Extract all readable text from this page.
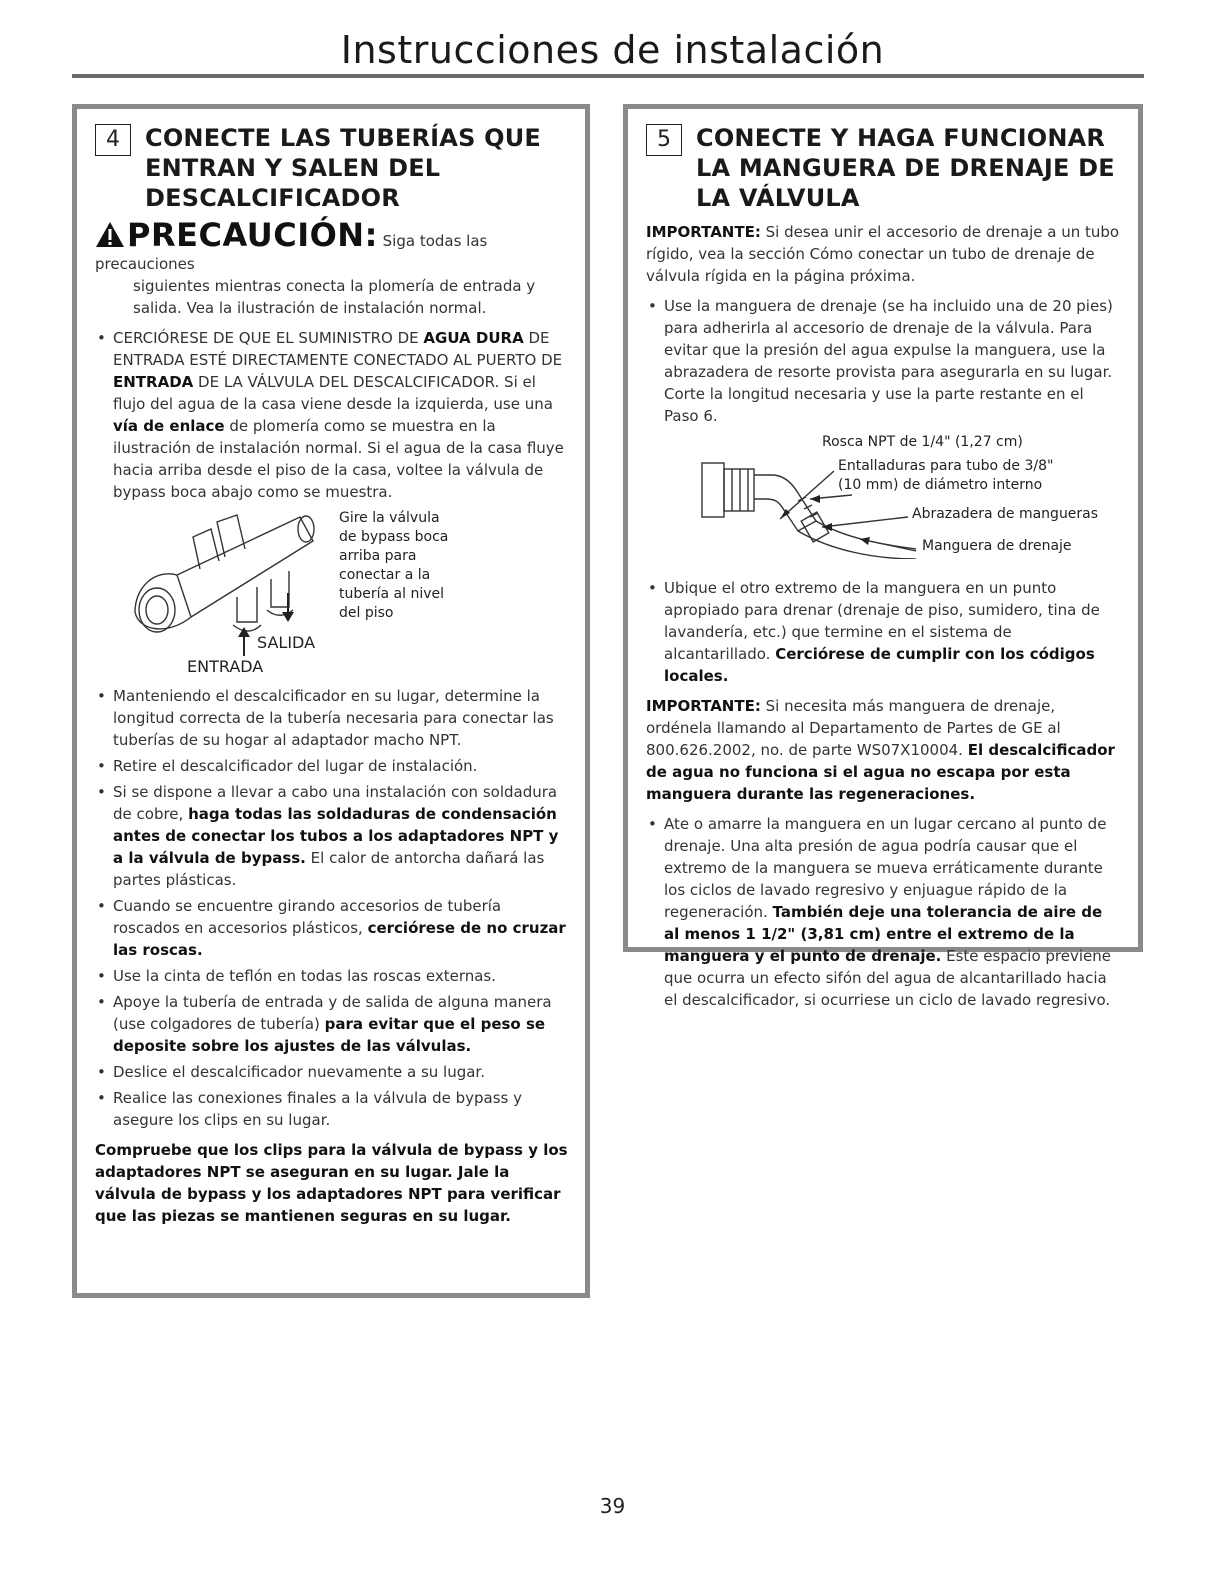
Instrucciones de instalación
4	CONECTE LAS TUBERÍAS QUE ENTRAN Y SALEN DEL DESCALCIFICADOR
PRECAUCIÓN: Siga todas las precauciones

siguientes mientras conecta la plomería de entrada y salida. Vea la ilustración de instalación normal.

• CERCIÓRESE DE QUE EL SUMINISTRO DE AGUA DURA DE ENTRADA ESTÉ DIRECTAMENTE CONECTADO AL PUERTO DE ENTRADA DE LA VÁLVULA DEL DESCALCIFICADOR. Si el flujo del agua de la casa viene desde la izquierda, use una vía de enlace de plomería como se muestra en la ilustración de instalación normal. Si el agua de la casa fluye hacia arriba desde el piso de la casa, voltee la válvula de bypass boca abajo como se muestra.
SALIDA
ENTRADA
Gire la válvula
de bypass boca
arriba para
conectar a la
tubería al nivel
del piso
• Manteniendo el descalcificador en su lugar, determine la longitud correcta de la tubería necesaria para conectar las tuberías de su hogar al adaptador macho NPT.
• Retire el descalcificador del lugar de instalación.
• Si se dispone a llevar a cabo una instalación con soldadura de cobre, haga todas las soldaduras de condensación antes de conectar los tubos a los adaptadores NPT y a la válvula de bypass. El calor de antorcha dañará las partes plásticas.
• Cuando se encuentre girando accesorios de tubería roscados en accesorios plásticos, cerciórese de no cruzar las roscas.
• Use la cinta de teflón en todas las roscas externas.
• Apoye la tubería de entrada y de salida de alguna manera (use colgadores de tubería) para evitar que el peso se deposite sobre los ajustes de las válvulas.
• Deslice el descalcificador nuevamente a su lugar.
• Realice las conexiones finales a la válvula de bypass y asegure los clips en su lugar.

Compruebe que los clips para la válvula de bypass y los adaptadores NPT se aseguran en su lugar. Jale la válvula de bypass y los adaptadores NPT para verificar que las piezas se mantienen seguras en su lugar.

5	CONECTE Y HAGA FUNCIONAR LA MANGUERA DE DRENAJE DE LA VÁLVULA

IMPORTANTE: Si desea unir el accesorio de drenaje a un tubo rígido, vea la sección Cómo conectar un tubo de drenaje de válvula rígida en la página próxima.

• Use la manguera de drenaje (se ha incluido una de 20 pies) para adherirla al accesorio de drenaje de la válvula. Para evitar que la presión del agua expulse la manguera, use la abrazadera de resorte provista para asegurarla en su lugar. Corte la longitud necesaria y use la parte restante en el Paso 6.
Rosca NPT de 1/4" (1,27 cm)
Entalladuras para tubo de 3/8"
(10 mm) de diámetro interno
Abrazadera de mangueras
Manguera de drenaje
• Ubique el otro extremo de la manguera en un punto apropiado para drenar (drenaje de piso, sumidero, tina de lavandería, etc.) que termine en el sistema de alcantarillado. Cerciórese de cumplir con los códigos locales.

IMPORTANTE: Si necesita más manguera de drenaje, ordénela llamando al Departamento de Partes de GE al 800.626.2002, no. de parte WS07X10004. El descalcificador de agua no funciona si el agua no escapa por esta manguera durante las regeneraciones.

• Ate o amarre la manguera en un lugar cercano al punto de drenaje. Una alta presión de agua podría causar que el extremo de la manguera se mueva erráticamente durante los ciclos de lavado regresivo y enjuague rápido de la regeneración. También deje una tolerancia de aire de al menos 1 1/2" (3,81 cm) entre el extremo de la manguera y el punto de drenaje. Este espacio previene que ocurra un efecto sifón del agua de alcantarillado hacia el descalcificador, si ocurriese un ciclo de lavado regresivo.
39
